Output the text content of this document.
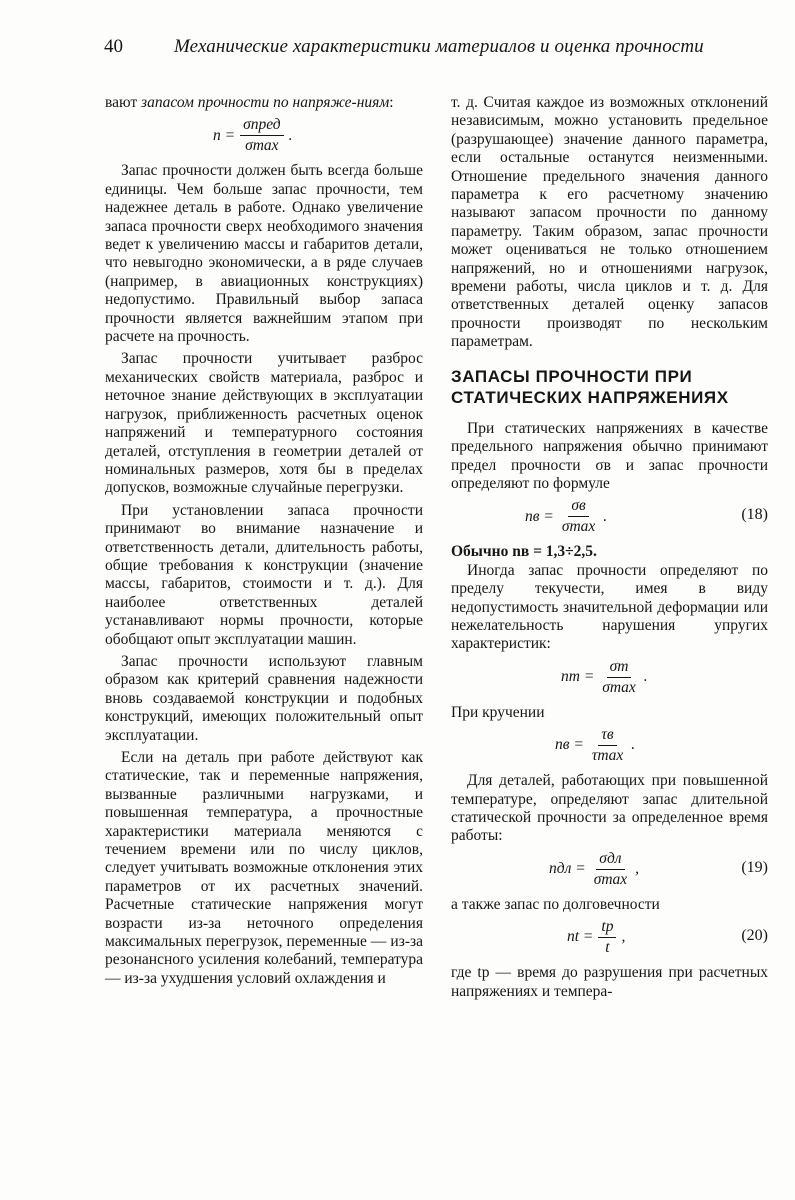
40	Механические характеристики материалов и оценка прочности

вают запасом прочности по напряже-ниям:

$n = \frac{\text{σпред}}{\sigma\max}$ .

Запас прочности должен быть всегда больше единицы. Чем больше запас прочности, тем надежнее деталь в работе. Однако увеличение запаса прочности сверх необходимого значения ведет к увеличению массы и габаритов детали, что невыгодно экономически, а в ряде случаев (например, в авиационных конструкциях) недопустимо. Правильный выбор запаса прочности является важнейшим этапом при расчете на прочность.

Запас прочности учитывает разброс механических свойств материала, разброс и неточное знание действующих в эксплуатации нагрузок, приближенность расчетных оценок напряжений и температурного состояния деталей, отступления в геометрии деталей от номинальных размеров, хотя бы в пределах допусков, возможные случайные перегрузки.

При установлении запаса прочности принимают во внимание назначение и ответственность детали, длительность работы, общие требования к конструкции (значение массы, габаритов, стоимости и т. д.). Для наиболее ответственных деталей устанавливают нормы прочности, которые обобщают опыт эксплуатации машин.

Запас прочности используют главным образом как критерий сравнения надежности вновь создаваемой конструкции и подобных конструкций, имеющих положительный опыт эксплуатации.

Если на деталь при работе действуют как статические, так и переменные напряжения, вызванные различными нагрузками, и повышенная температура, а прочностные характеристики материала меняются с течением времени или по числу циклов, следует учитывать возможные отклонения этих параметров от их расчетных значений. Расчетные статические напряжения могут возрасти из-за неточного определения максимальных перегрузок, переменные — из-за резонансного усиления колебаний, температура — из-за ухудшения условий охлаждения и

т. д. Считая каждое из возможных отклонений независимым, можно установить предельное (разрушающее) значение данного параметра, если остальные останутся неизменными. Отношение предельного значения данного параметра к его расчетному значению называют запасом прочности по данному параметру. Таким образом, запас прочности может оцениваться не только отношением напряжений, но и отношениями нагрузок, времени работы, числа циклов и т. д. Для ответственных деталей оценку запасов прочности производят по нескольким параметрам.

ЗАПАСЫ ПРОЧНОСТИ ПРИ СТАТИЧЕСКИХ НАПРЯЖЕНИЯХ

При статических напряжениях в качестве предельного напряжения обычно принимают предел прочности σв и запас прочности определяют по формуле

nв = $\frac{\sigma в}{\sigma\max}$ .	(18)

Обычно nв = 1,3÷2,5.

Иногда запас прочности определяют по пределу текучести, имея в виду недопустимость значительной деформации или нежелательность нарушения упругих характеристик:

nт = $\frac{\sigma т}{\sigma\max}$ .

При кручении

nв = $\frac{\tau в}{\tau\max}$ .

Для деталей, работающих при повышенной температуре, определяют запас длительной статической прочности за определенное время работы:

nдл = $\frac{\text{σдл}}{\sigma\max}$ ,	(19)

а также запас по долговечности

nt = $\frac{tр}{t}$ ,	(20)

где tр — время до разрушения при расчетных напряжениях и темпера-
